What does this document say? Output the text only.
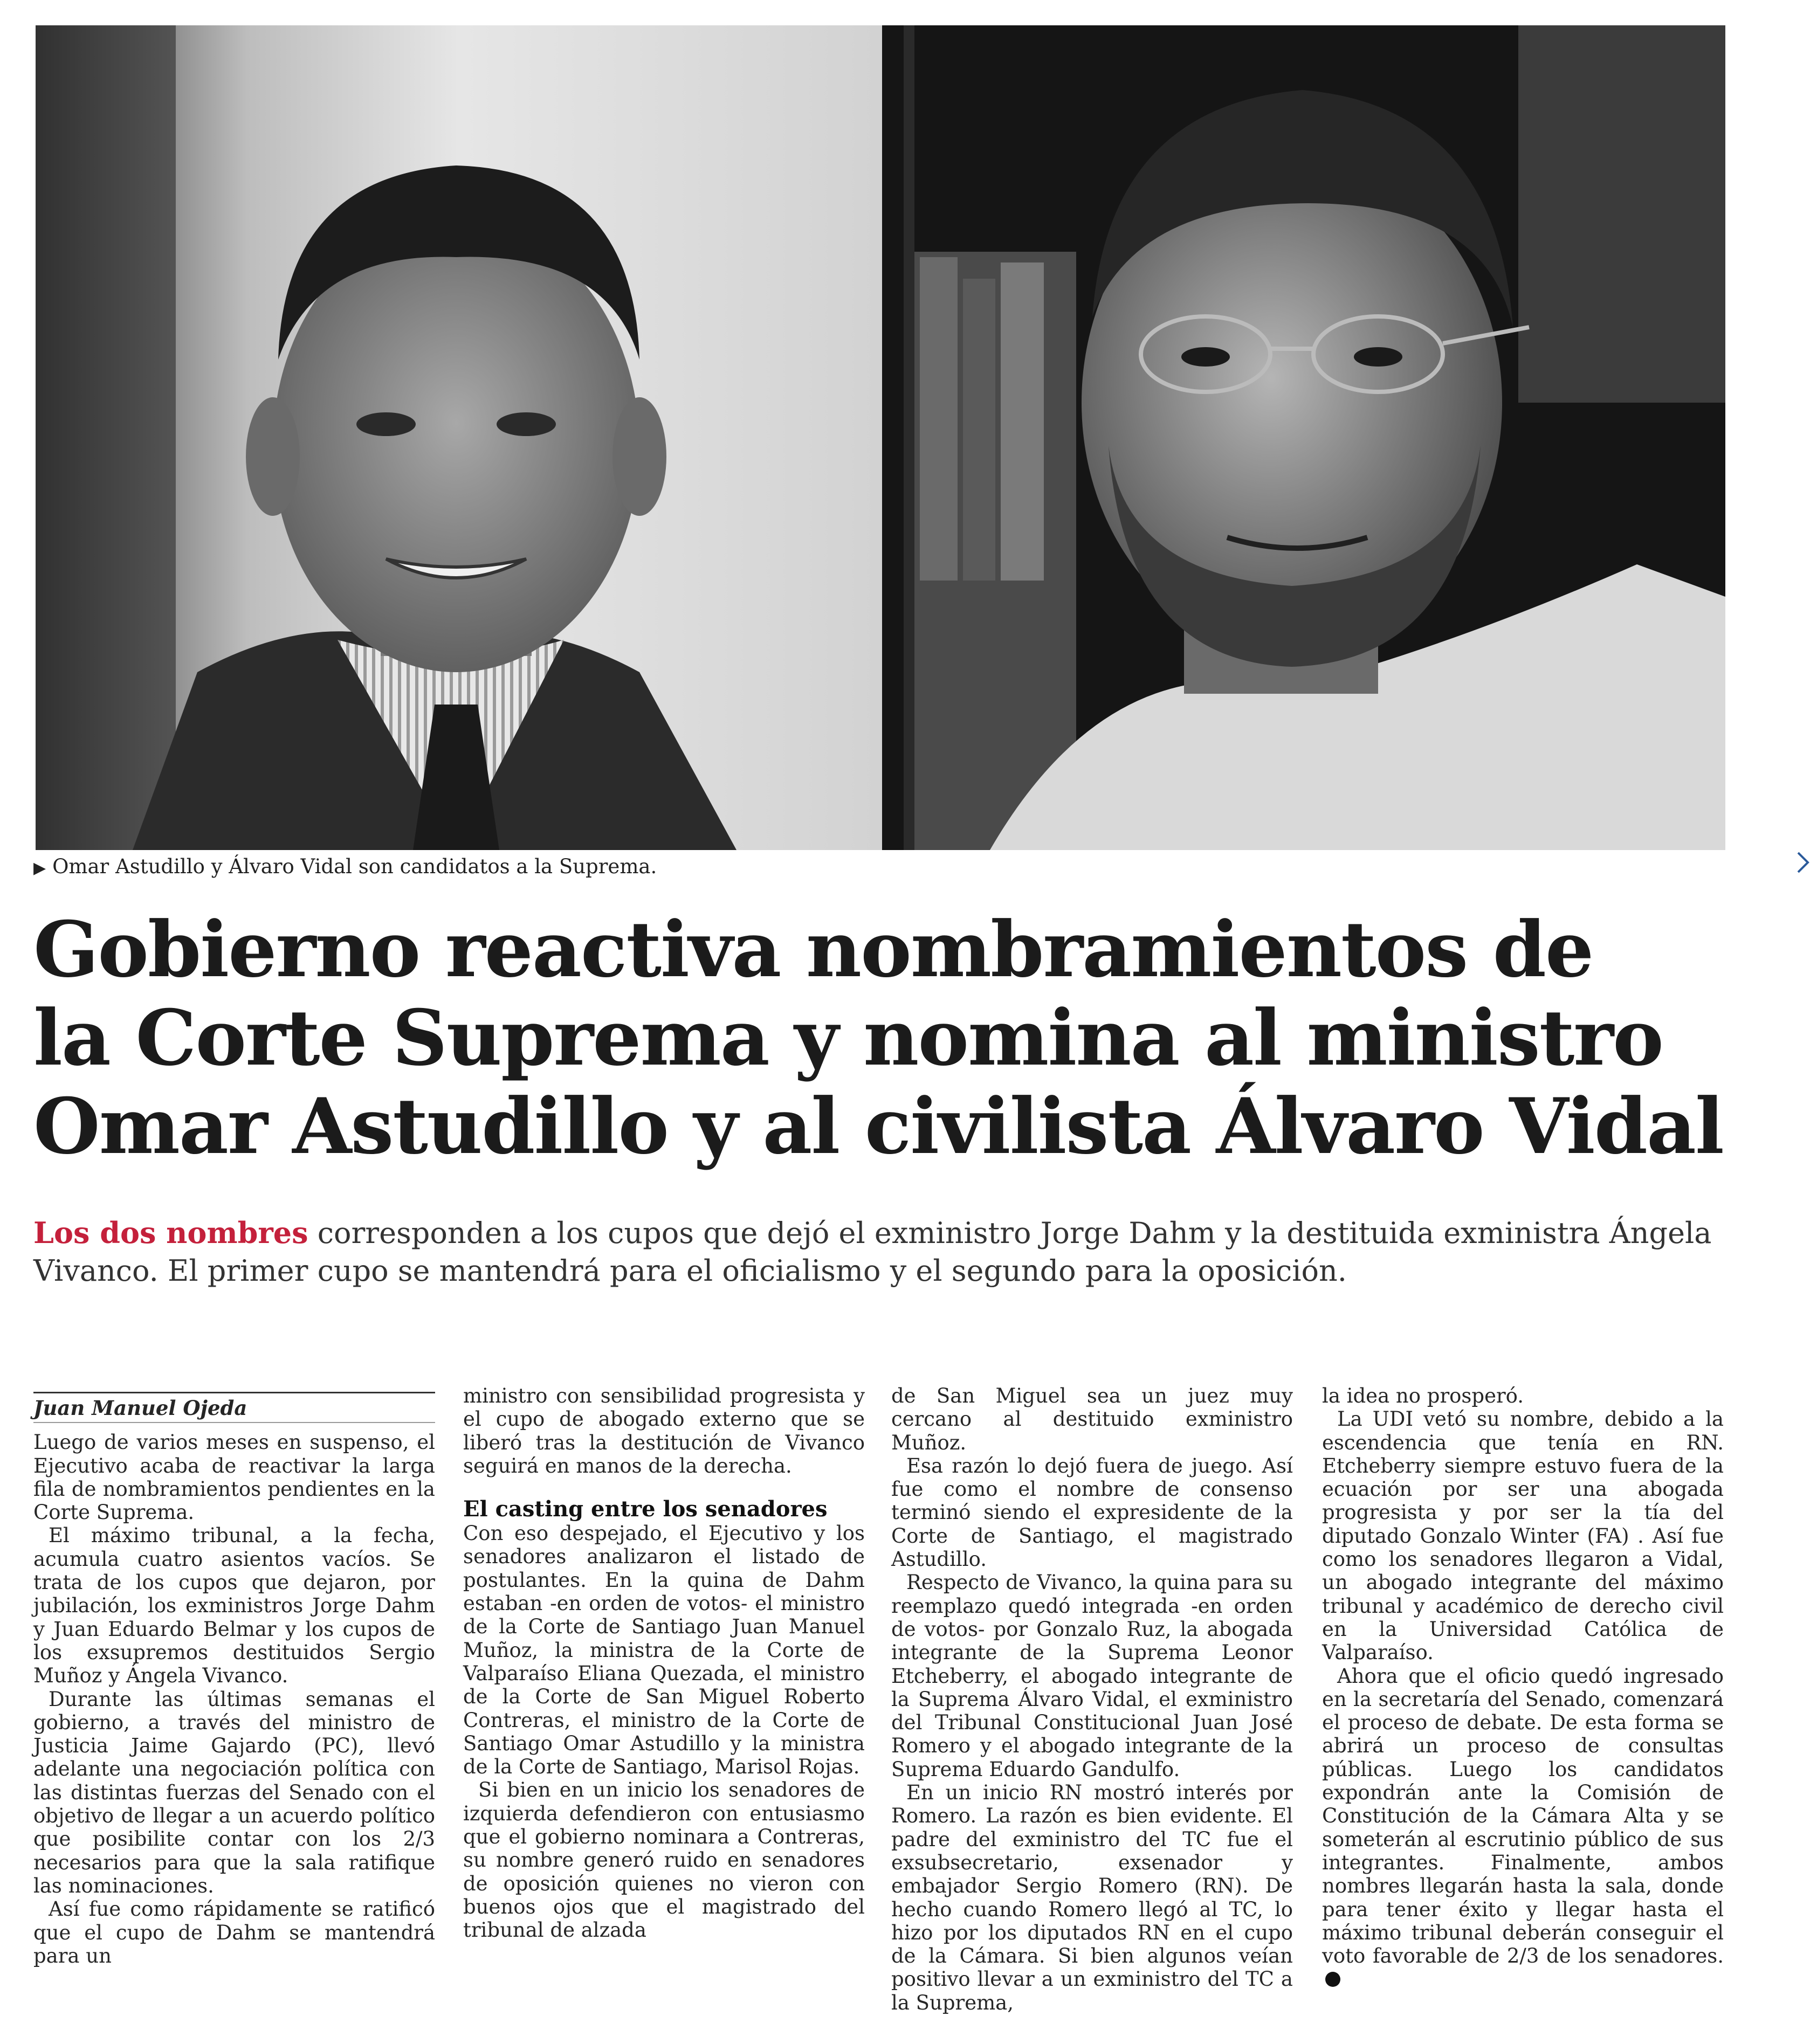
▶ Omar Astudillo y Álvaro Vidal son candidatos a la Suprema.
Gobierno reactiva nombramientos de
la Corte Suprema y nomina al ministro
Omar Astudillo y al civilista Álvaro Vidal
Los dos nombres corresponden a los cupos que dejó el exministro Jorge Dahm y la destituida exministra Ángela Vivanco. El primer cupo se mantendrá para el oficialismo y el segundo para la oposición.
Juan Manuel Ojeda

Luego de varios meses en suspenso, el Ejecutivo acaba de reactivar la larga fila de nombramientos pendientes en la Corte Suprema.

El máximo tribunal, a la fecha, acumula cuatro asientos vacíos. Se trata de los cupos que dejaron, por jubilación, los exministros Jorge Dahm y Juan Eduardo Belmar y los cupos de los exsupremos destituidos Sergio Muñoz y Ángela Vivanco.

Durante las últimas semanas el gobierno, a través del ministro de Justicia Jaime Gajardo (PC), llevó adelante una negociación política con las distintas fuerzas del Senado con el objetivo de llegar a un acuerdo político que posibilite contar con los 2/3 necesarios para que la sala ratifique las nominaciones.

Así fue como rápidamente se ratificó que el cupo de Dahm se mantendrá para un

ministro con sensibilidad progresista y el cupo de abogado externo que se liberó tras la destitución de Vivanco seguirá en manos de la derecha.

El casting entre los senadores

Con eso despejado, el Ejecutivo y los senadores analizaron el listado de postulantes. En la quina de Dahm estaban -en orden de votos- el ministro de la Corte de Santiago Juan Manuel Muñoz, la ministra de la Corte de Valparaíso Eliana Quezada, el ministro de la Corte de San Miguel Roberto Contreras, el ministro de la Corte de Santiago Omar Astudillo y la ministra de la Corte de Santiago, Marisol Rojas.

Si bien en un inicio los senadores de izquierda defendieron con entusiasmo que el gobierno nominara a Contreras, su nombre generó ruido en senadores de oposición quienes no vieron con buenos ojos que el magistrado del tribunal de alzada

de San Miguel sea un juez muy cercano al destituido exministro Muñoz.

Esa razón lo dejó fuera de juego. Así fue como el nombre de consenso terminó siendo el expresidente de la Corte de Santiago, el magistrado Astudillo.

Respecto de Vivanco, la quina para su reemplazo quedó integrada -en orden de votos- por Gonzalo Ruz, la abogada integrante de la Suprema Leonor Etcheberry, el abogado integrante de la Suprema Álvaro Vidal, el exministro del Tribunal Constitucional Juan José Romero y el abogado integrante de la Suprema Eduardo Gandulfo.

En un inicio RN mostró interés por Romero. La razón es bien evidente. El padre del exministro del TC fue el exsubsecretario, exsenador y embajador Sergio Romero (RN). De hecho cuando Romero llegó al TC, lo hizo por los diputados RN en el cupo de la Cámara. Si bien algunos veían positivo llevar a un exministro del TC a la Suprema,

la idea no prosperó.

La UDI vetó su nombre, debido a la escendencia que tenía en RN. Etcheberry siempre estuvo fuera de la ecuación por ser una abogada progresista y por ser la tía del diputado Gonzalo Winter (FA) . Así fue como los senadores llegaron a Vidal, un abogado integrante del máximo tribunal y académico de derecho civil en la Universidad Católica de Valparaíso.

Ahora que el oficio quedó ingresado en la secretaría del Senado, comenzará el proceso de debate. De esta forma se abrirá un proceso de consultas públicas. Luego los candidatos expondrán ante la Comisión de Constitución de la Cámara Alta y se someterán al escrutinio público de sus integrantes. Finalmente, ambos nombres llegarán hasta la sala, donde para tener éxito y llegar hasta el máximo tribunal deberán conseguir el voto favorable de 2/3 de los senadores.
